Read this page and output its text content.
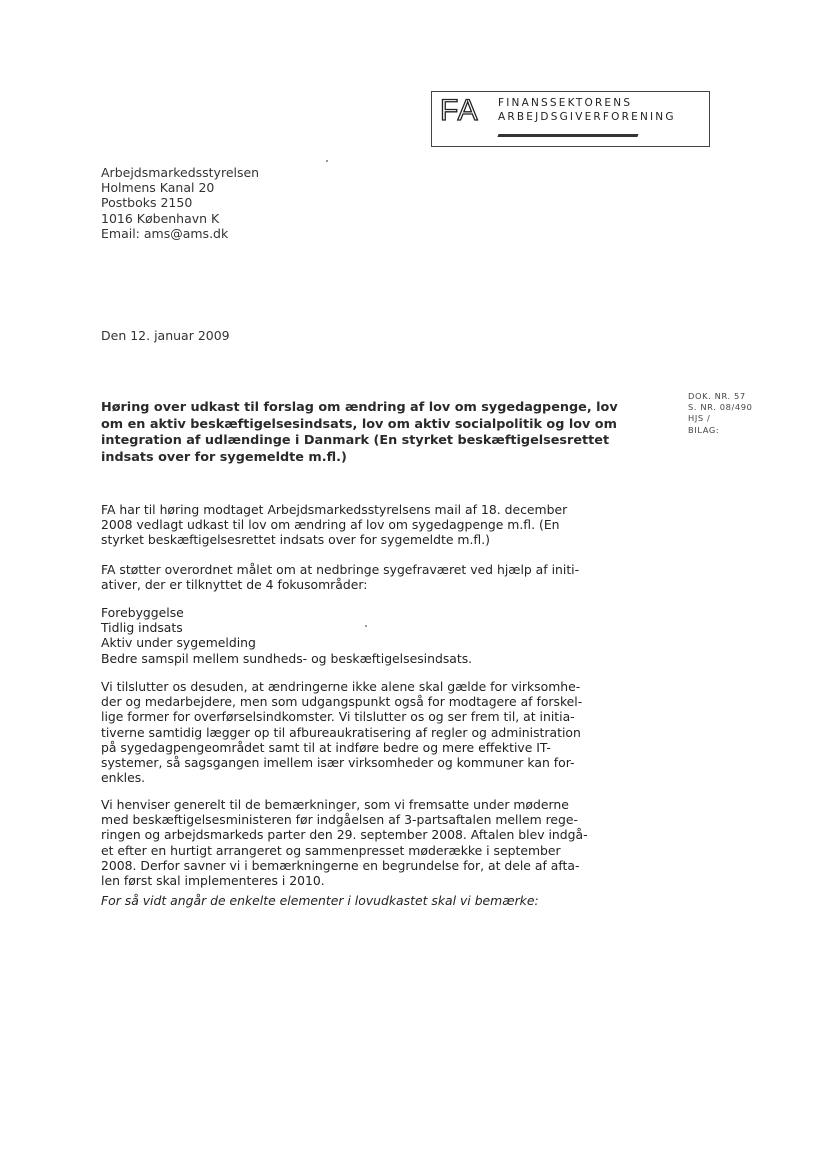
FA FINANSSEKTORENS
ARBEJDSGIVERFORENING
Arbejdsmarkedsstyrelsen
Holmens Kanal 20
Postboks 2150
1016 København K
Email: ams@ams.dk
Den 12. januar 2009
DOK. NR. 57
S. NR. 08/490
HJS /
BILAG:
Høring over udkast til forslag om ændring af lov om sygedagpenge, lov
om en aktiv beskæftigelsesindsats, lov om aktiv socialpolitik og lov om
integration af udlændinge i Danmark (En styrket beskæftigelsesrettet
indsats over for sygemeldte m.fl.)
FA har til høring modtaget Arbejdsmarkedsstyrelsens mail af 18. december
2008 vedlagt udkast til lov om ændring af lov om sygedagpenge m.fl. (En
styrket beskæftigelsesrettet indsats over for sygemeldte m.fl.)
FA støtter overordnet målet om at nedbringe sygefraværet ved hjælp af initi-
ativer, der er tilknyttet de 4 fokusområder:
Forebyggelse
Tidlig indsats
Aktiv under sygemelding
Bedre samspil mellem sundheds- og beskæftigelsesindsats.
Vi tilslutter os desuden, at ændringerne ikke alene skal gælde for virksomhe-
der og medarbejdere, men som udgangspunkt også for modtagere af forskel-
lige former for overførselsindkomster. Vi tilslutter os og ser frem til, at initia-
tiverne samtidig lægger op til afbureaukratisering af regler og administration
på sygedagpengeområdet samt til at indføre bedre og mere effektive IT-
systemer, så sagsgangen imellem især virksomheder og kommuner kan for-
enkles.
Vi henviser generelt til de bemærkninger, som vi fremsatte under møderne
med beskæftigelsesministeren før indgåelsen af 3-partsaftalen mellem rege-
ringen og arbejdsmarkeds parter den 29. september 2008. Aftalen blev indgå-
et efter en hurtigt arrangeret og sammenpresset møderække i september
2008. Derfor savner vi i bemærkningerne en begrundelse for, at dele af afta-
len først skal implementeres i 2010.
For så vidt angår de enkelte elementer i lovudkastet skal vi bemærke:
